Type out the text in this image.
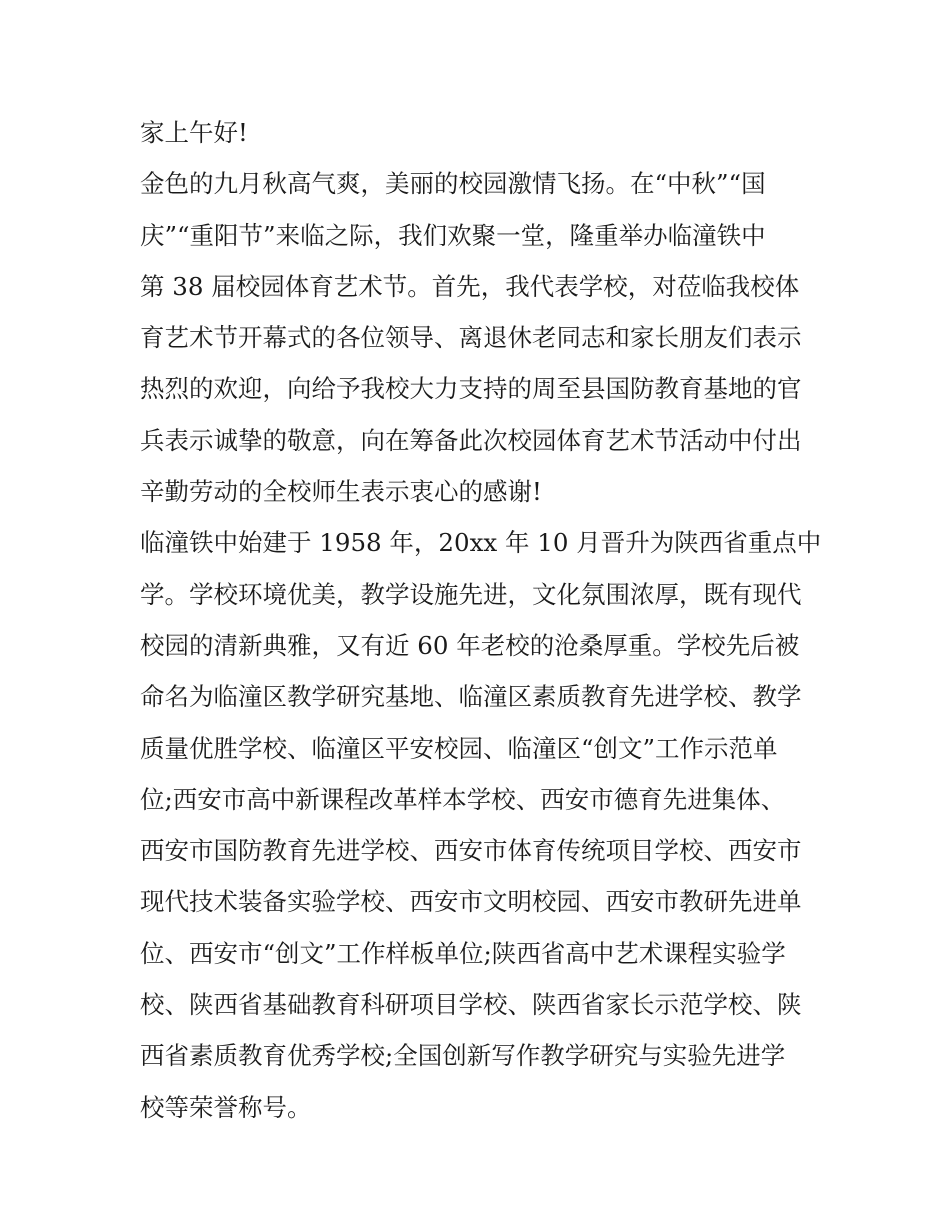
家上午好!
金色的九月秋高气爽，美丽的校园激情飞扬。在“中秋”“国
庆”“重阳节”来临之际，我们欢聚一堂，隆重举办临潼铁中
第 38 届校园体育艺术节。首先，我代表学校，对莅临我校体
育艺术节开幕式的各位领导、离退休老同志和家长朋友们表示
热烈的欢迎，向给予我校大力支持的周至县国防教育基地的官
兵表示诚挚的敬意，向在筹备此次校园体育艺术节活动中付出
辛勤劳动的全校师生表示衷心的感谢!
临潼铁中始建于 1958 年，20xx 年 10 月晋升为陕西省重点中
学。学校环境优美，教学设施先进，文化氛围浓厚，既有现代
校园的清新典雅，又有近 60 年老校的沧桑厚重。学校先后被
命名为临潼区教学研究基地、临潼区素质教育先进学校、教学
质量优胜学校、临潼区平安校园、临潼区“创文”工作示范单
位;西安市高中新课程改革样本学校、西安市德育先进集体、
西安市国防教育先进学校、西安市体育传统项目学校、西安市
现代技术装备实验学校、西安市文明校园、西安市教研先进单
位、西安市“创文”工作样板单位;陕西省高中艺术课程实验学
校、陕西省基础教育科研项目学校、陕西省家长示范学校、陕
西省素质教育优秀学校;全国创新写作教学研究与实验先进学
校等荣誉称号。
